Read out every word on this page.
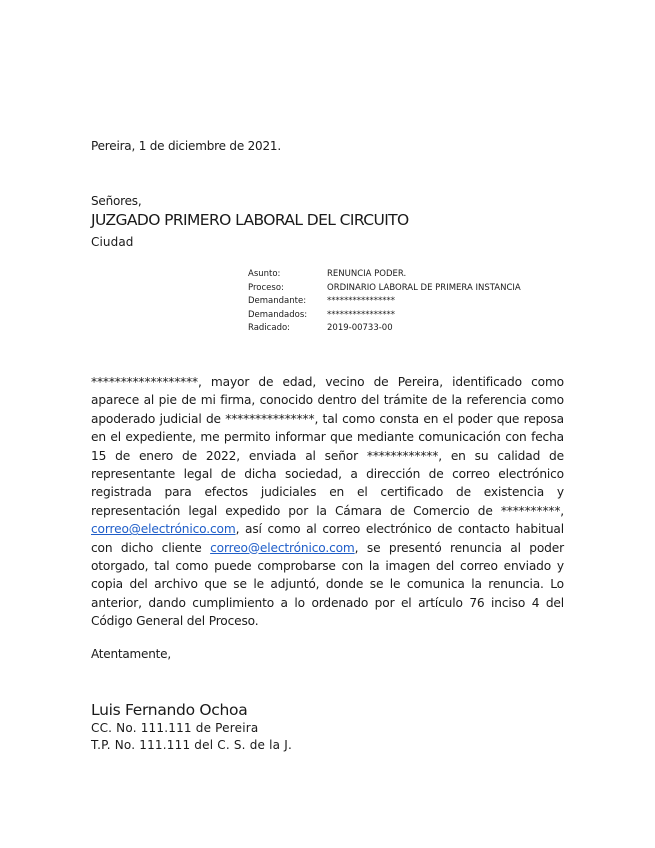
Pereira, 1 de diciembre de 2021.
Señores,
JUZGADO PRIMERO LABORAL DEL CIRCUITO
Ciudad
Asunto:	RENUNCIA PODER.
Proceso:	ORDINARIO LABORAL DE PRIMERA INSTANCIA
Demandante:	****************
Demandados:	****************
Radicado:	2019-00733-00

******************, mayor de edad, vecino de Pereira, identificado como aparece al pie de mi firma, conocido dentro del trámite de la referencia como apoderado judicial de ***************, tal como consta en el poder que reposa en el expediente, me permito informar que mediante comunicación con fecha 15 de enero de 2022, enviada al señor ************, en su calidad de representante legal de dicha sociedad, a dirección de correo electrónico registrada para efectos judiciales en el certificado de existencia y representación legal expedido por la Cámara de Comercio de **********, correo@electrónico.com, así como al correo electrónico de contacto habitual con dicho cliente correo@electrónico.com, se presentó renuncia al poder otorgado, tal como puede comprobarse con la imagen del correo enviado y copia del archivo que se le adjuntó, donde se le comunica la renuncia. Lo anterior, dando cumplimiento a lo ordenado por el artículo 76 inciso 4 del Código General del Proceso.

Atentamente,
Luis Fernando Ochoa
CC. No. 111.111 de Pereira
T.P. No. 111.111 del C. S. de la J.
